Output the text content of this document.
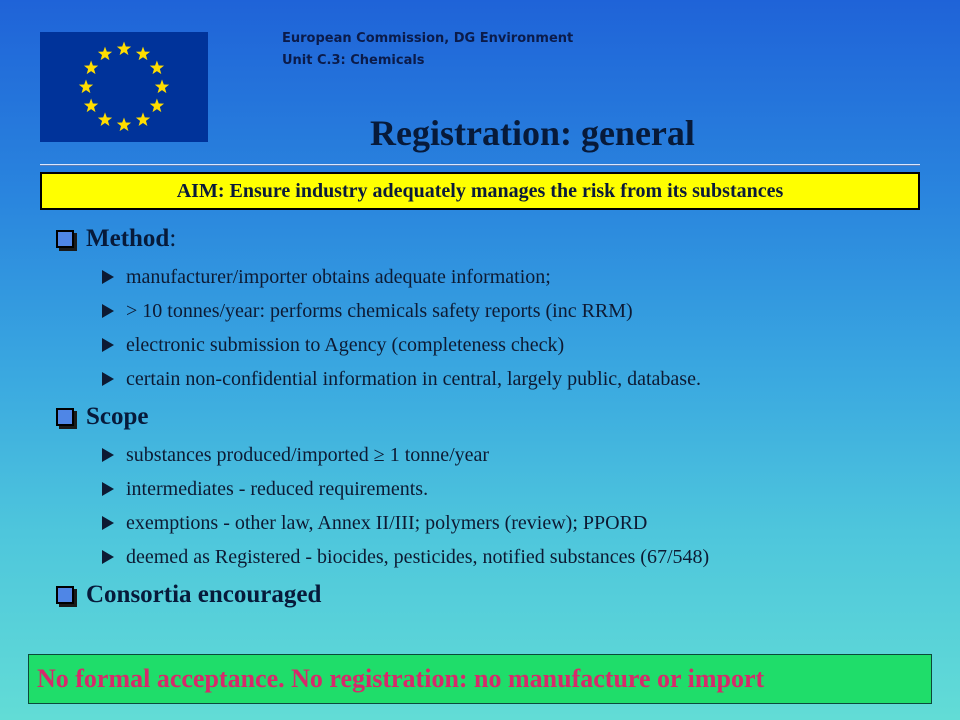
European Commission, DG Environment
Unit C.3: Chemicals
Registration: general
AIM: Ensure industry adequately manages the risk from its substances
Method :
manufacturer/importer obtains adequate information;
> 10 tonnes/year: performs chemicals safety reports (inc RRM)
electronic submission to Agency (completeness check)
certain non-confidential information in central, largely public, database.
Scope
substances produced/imported ≥ 1 tonne/year
intermediates - reduced requirements.
exemptions - other law, Annex II/III; polymers (review); PPORD
deemed as Registered - biocides, pesticides, notified substances (67/548)
Consortia encouraged
No formal acceptance. No registration: no manufacture or import
